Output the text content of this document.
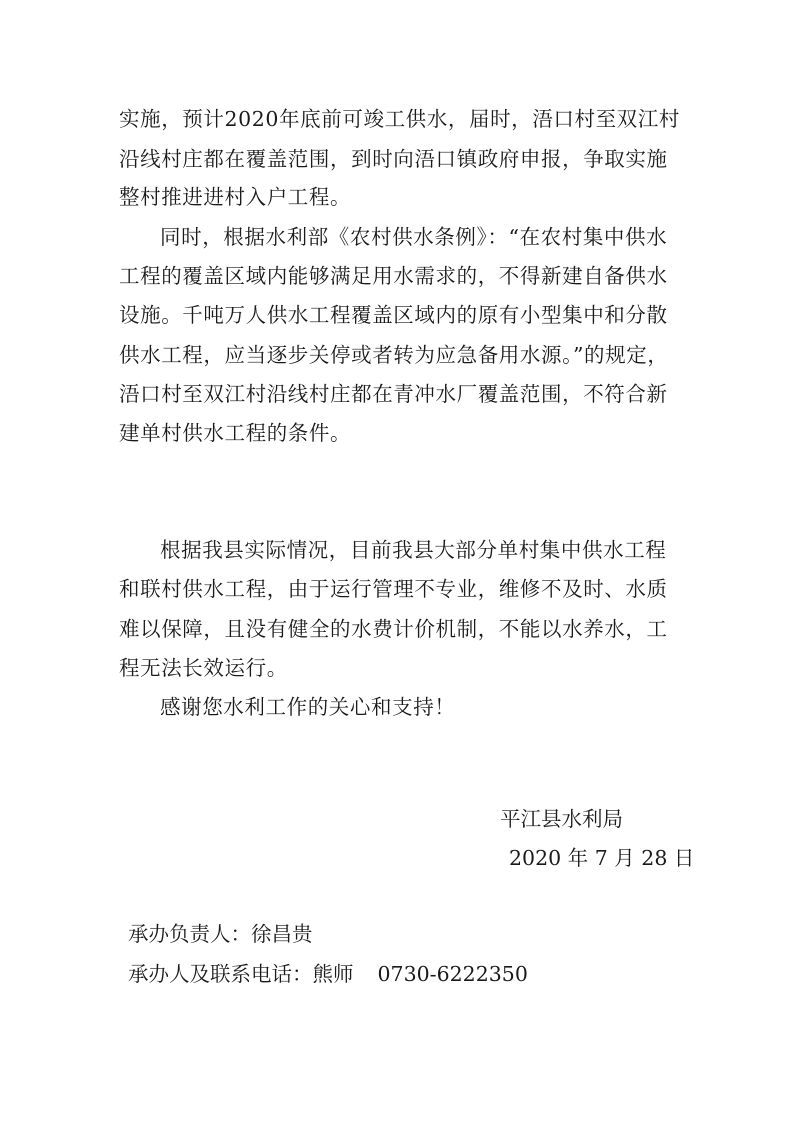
实施，预计2020年底前可竣工供水，届时，浯口村至双江村
沿线村庄都在覆盖范围，到时向浯口镇政府申报，争取实施
整村推进进村入户工程。
同时，根据水利部《农村供水条例》：“在农村集中供水
工程的覆盖区域内能够满足用水需求的，不得新建自备供水
设施。千吨万人供水工程覆盖区域内的原有小型集中和分散
供水工程，应当逐步关停或者转为应急备用水源。”的规定，
浯口村至双江村沿线村庄都在青冲水厂覆盖范围，不符合新
建单村供水工程的条件。
根据我县实际情况，目前我县大部分单村集中供水工程
和联村供水工程，由于运行管理不专业，维修不及时、水质
难以保障，且没有健全的水费计价机制，不能以水养水，工
程无法长效运行。
感谢您水利工作的关心和支持！
平江县水利局
2020 年 7 月 28 日
承办负责人：徐昌贵
承办人及联系电话：熊师 0730-6222350
